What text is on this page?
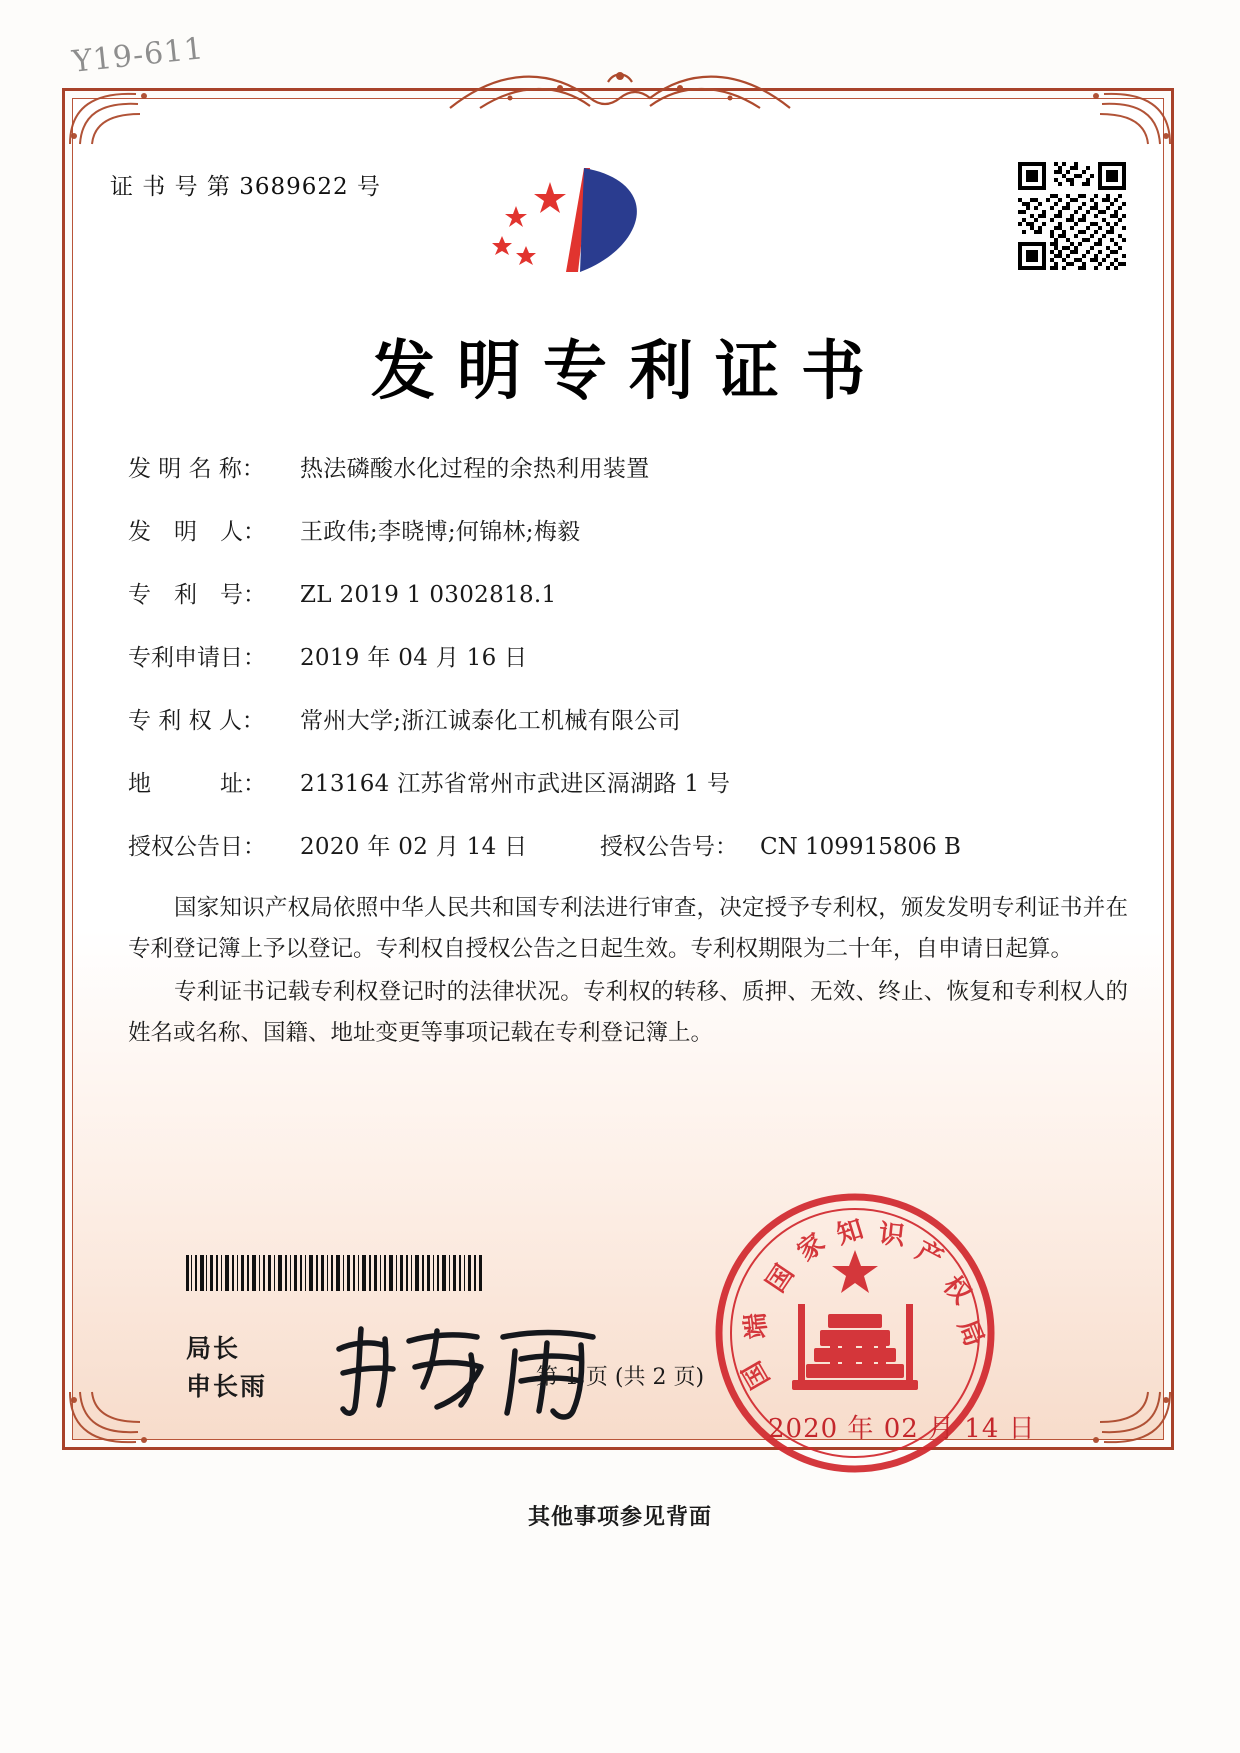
Y19-611
证 书 号 第 3689622 号
发明专利证书
发 明 名 称：	热法磷酸水化过程的余热利用装置
发　明　人：	王政伟;李晓博;何锦林;梅毅
专　利　号：	ZL 2019 1 0302818.1
专利申请日：	2019 年 04 月 16 日
专 利 权 人：	常州大学;浙江诚泰化工机械有限公司
地　　　址：	213164 江苏省常州市武进区滆湖路 1 号
授权公告日：	2020 年 02 月 14 日	授权公告号： CN 109915806 B

国家知识产权局依照中华人民共和国专利法进行审查，决定授予专利权，颁发发明专利证书并在专利登记簿上予以登记。专利权自授权公告之日起生效。专利权期限为二十年，自申请日起算。

专利证书记载专利权登记时的法律状况。专利权的转移、质押、无效、终止、恢复和专利权人的姓名或名称、国籍、地址变更等事项记载在专利登记簿上。

局长
申长雨
国
家 知 识
产
权
局
端
国
2020 年 02 月 14 日
第 1 页 (共 2 页)
其他事项参见背面
